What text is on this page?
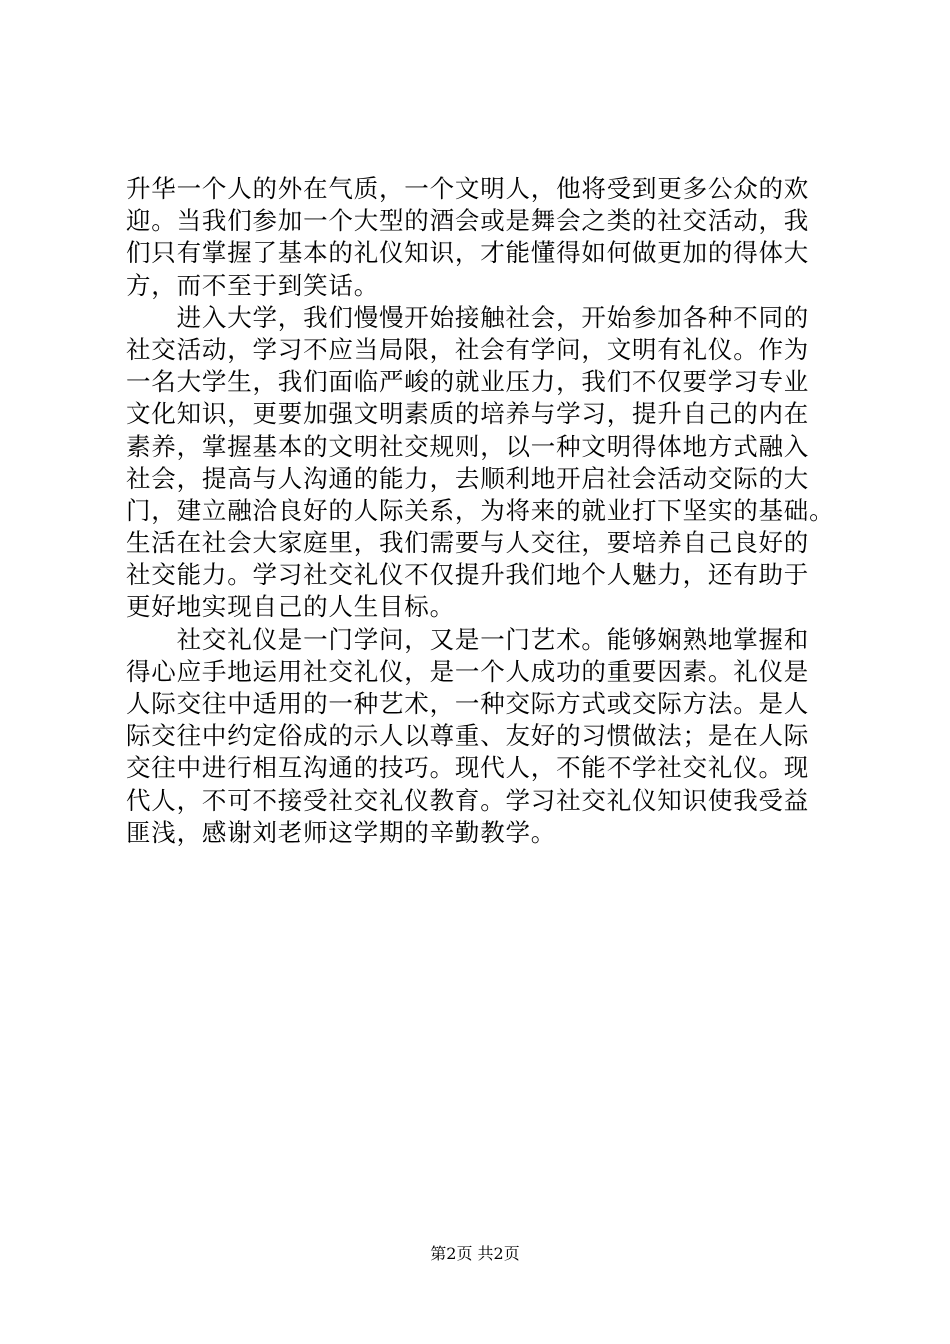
升华一个人的外在气质，一个文明人，他将受到更多公众的欢
迎。当我们参加一个大型的酒会或是舞会之类的社交活动，我
们只有掌握了基本的礼仪知识，才能懂得如何做更加的得体大
方，而不至于到笑话。
　　进入大学，我们慢慢开始接触社会，开始参加各种不同的
社交活动，学习不应当局限，社会有学问，文明有礼仪。作为
一名大学生，我们面临严峻的就业压力，我们不仅要学习专业
文化知识，更要加强文明素质的培养与学习，提升自己的内在
素养，掌握基本的文明社交规则，以一种文明得体地方式融入
社会，提高与人沟通的能力，去顺利地开启社会活动交际的大
门，建立融洽良好的人际关系，为将来的就业打下坚实的基础。
生活在社会大家庭里，我们需要与人交往，要培养自己良好的
社交能力。学习社交礼仪不仅提升我们地个人魅力，还有助于
更好地实现自己的人生目标。
　　社交礼仪是一门学问，又是一门艺术。能够娴熟地掌握和
得心应手地运用社交礼仪，是一个人成功的重要因素。礼仪是
人际交往中适用的一种艺术，一种交际方式或交际方法。是人
际交往中约定俗成的示人以尊重、友好的习惯做法；是在人际
交往中进行相互沟通的技巧。现代人，不能不学社交礼仪。现
代人，不可不接受社交礼仪教育。学习社交礼仪知识使我受益
匪浅，感谢刘老师这学期的辛勤教学。
第2页 共2页
